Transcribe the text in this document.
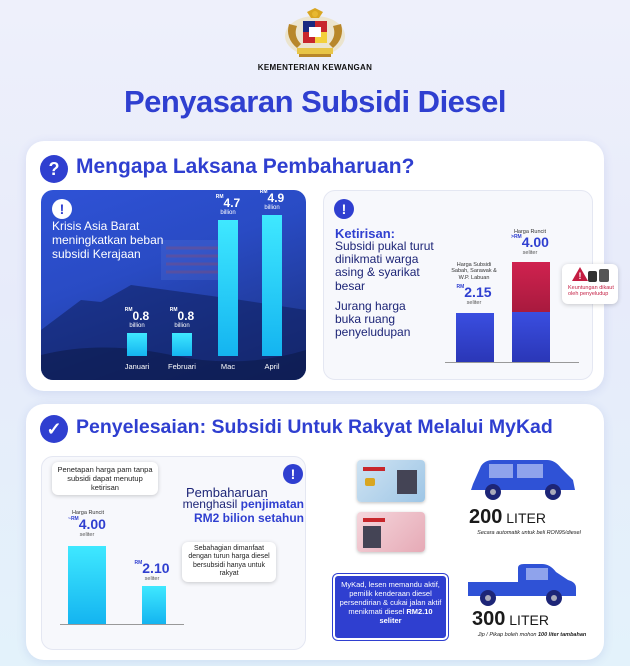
KEMENTERIAN KEWANGAN
Penyasaran Subsidi Diesel
? Mengapa Laksana Pembaharuan?
!
Krisis Asia Barat meningkatkan beban subsidi Kerajaan
$^{RM}$0.8
billion
Januari
$^{RM}$0.8
billion
Februari
$^{RM}$4.7
billion
Mac
$^{RM}$4.9
billion
April
!
Ketirisan:
Subsidi pukal turut dinikmati warga asing & syarikat besar
Jurang harga buka ruang penyeludupan
Harga Subsidi Sabah, Sarawak & W.P. Labuan
$^{RM}$2.15
seliter
Harga Runcit
$^{>RM}$4.00
seliter
!
Keuntungan dikaut oleh penyeludup
✓ Penyelesaian: Subsidi Untuk Rakyat Melalui MyKad
Penetapan harga pam tanpa subsidi dapat menutup ketirisan
Harga Runcit
$^{\sim RM}$4.00
seliter
$^{RM}$2.10
seliter
Sebahagian dimanfaat dengan turun harga diesel bersubsidi hanya untuk rakyat
!
Pembaharuan
menghasil penjimatan
RM2 bilion setahun
MyKad, lesen memandu aktif, pemilik kenderaan diesel persendirian & cukai jalan aktif menikmati diesel RM2.10 seliter
200 LITER
Secara automatik untuk beli RON95/diesel
300 LITER
Jip / Pikap boleh mohon 100 liter tambahan
